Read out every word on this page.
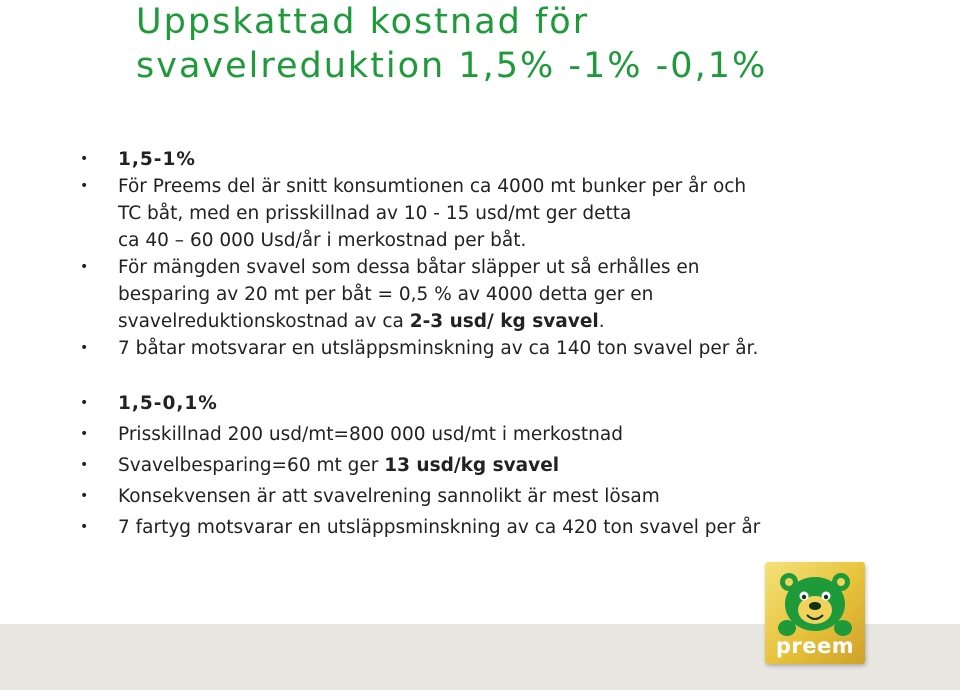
Uppskattad kostnad för
svavelreduktion 1,5% -1% -0,1%
• 1,5-1%
• För Preems del är snitt konsumtionen ca 4000 mt bunker per år och
TC båt, med en prisskillnad av 10 - 15 usd/mt ger detta
ca 40 – 60 000 Usd/år i merkostnad per båt.
• För mängden svavel som dessa båtar släpper ut så erhålles en
besparing av 20 mt per båt = 0,5 % av 4000 detta ger en
svavelreduktionskostnad av ca 2-3 usd/ kg svavel.
• 7 båtar motsvarar en utsläppsminskning av ca 140 ton svavel per år.
• 1,5-0,1%
• Prisskillnad 200 usd/mt=800 000 usd/mt i merkostnad
• Svavelbesparing=60 mt ger 13 usd/kg svavel
• Konsekvensen är att svavelrening sannolikt är mest lösam
• 7 fartyg motsvarar en utsläppsminskning av ca 420 ton svavel per år
preem
